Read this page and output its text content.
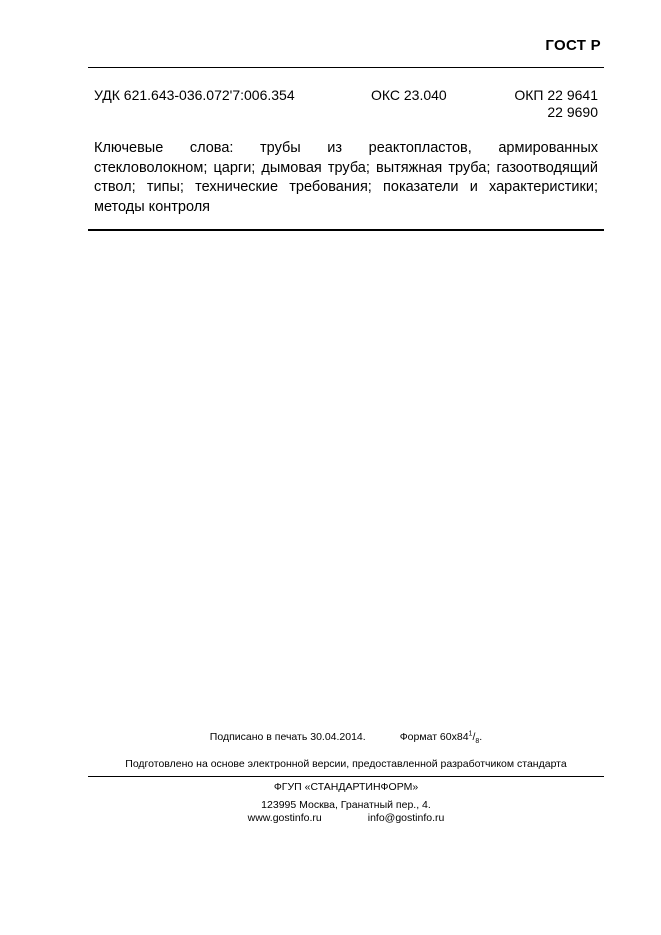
ГОСТ Р
УДК 621.643-036.072'7:006.354	ОКС 23.040	ОКП 22 9641
22 9690
Ключевые слова: трубы из реактопластов, армированных стекловолокном; царги; дымовая труба; вытяжная труба; газоотводящий ствол; типы; технические требования; показатели и характеристики; методы контроля
Подписано в печать 30.04.2014.	Формат $60x84^1/_8$.
Подготовлено на основе электронной версии, предоставленной разработчиком стандарта
ФГУП «СТАНДАРТИНФОРМ»
123995 Москва, Гранатный пер., 4.
www.gostinfo.ru	info@gostinfo.ru
